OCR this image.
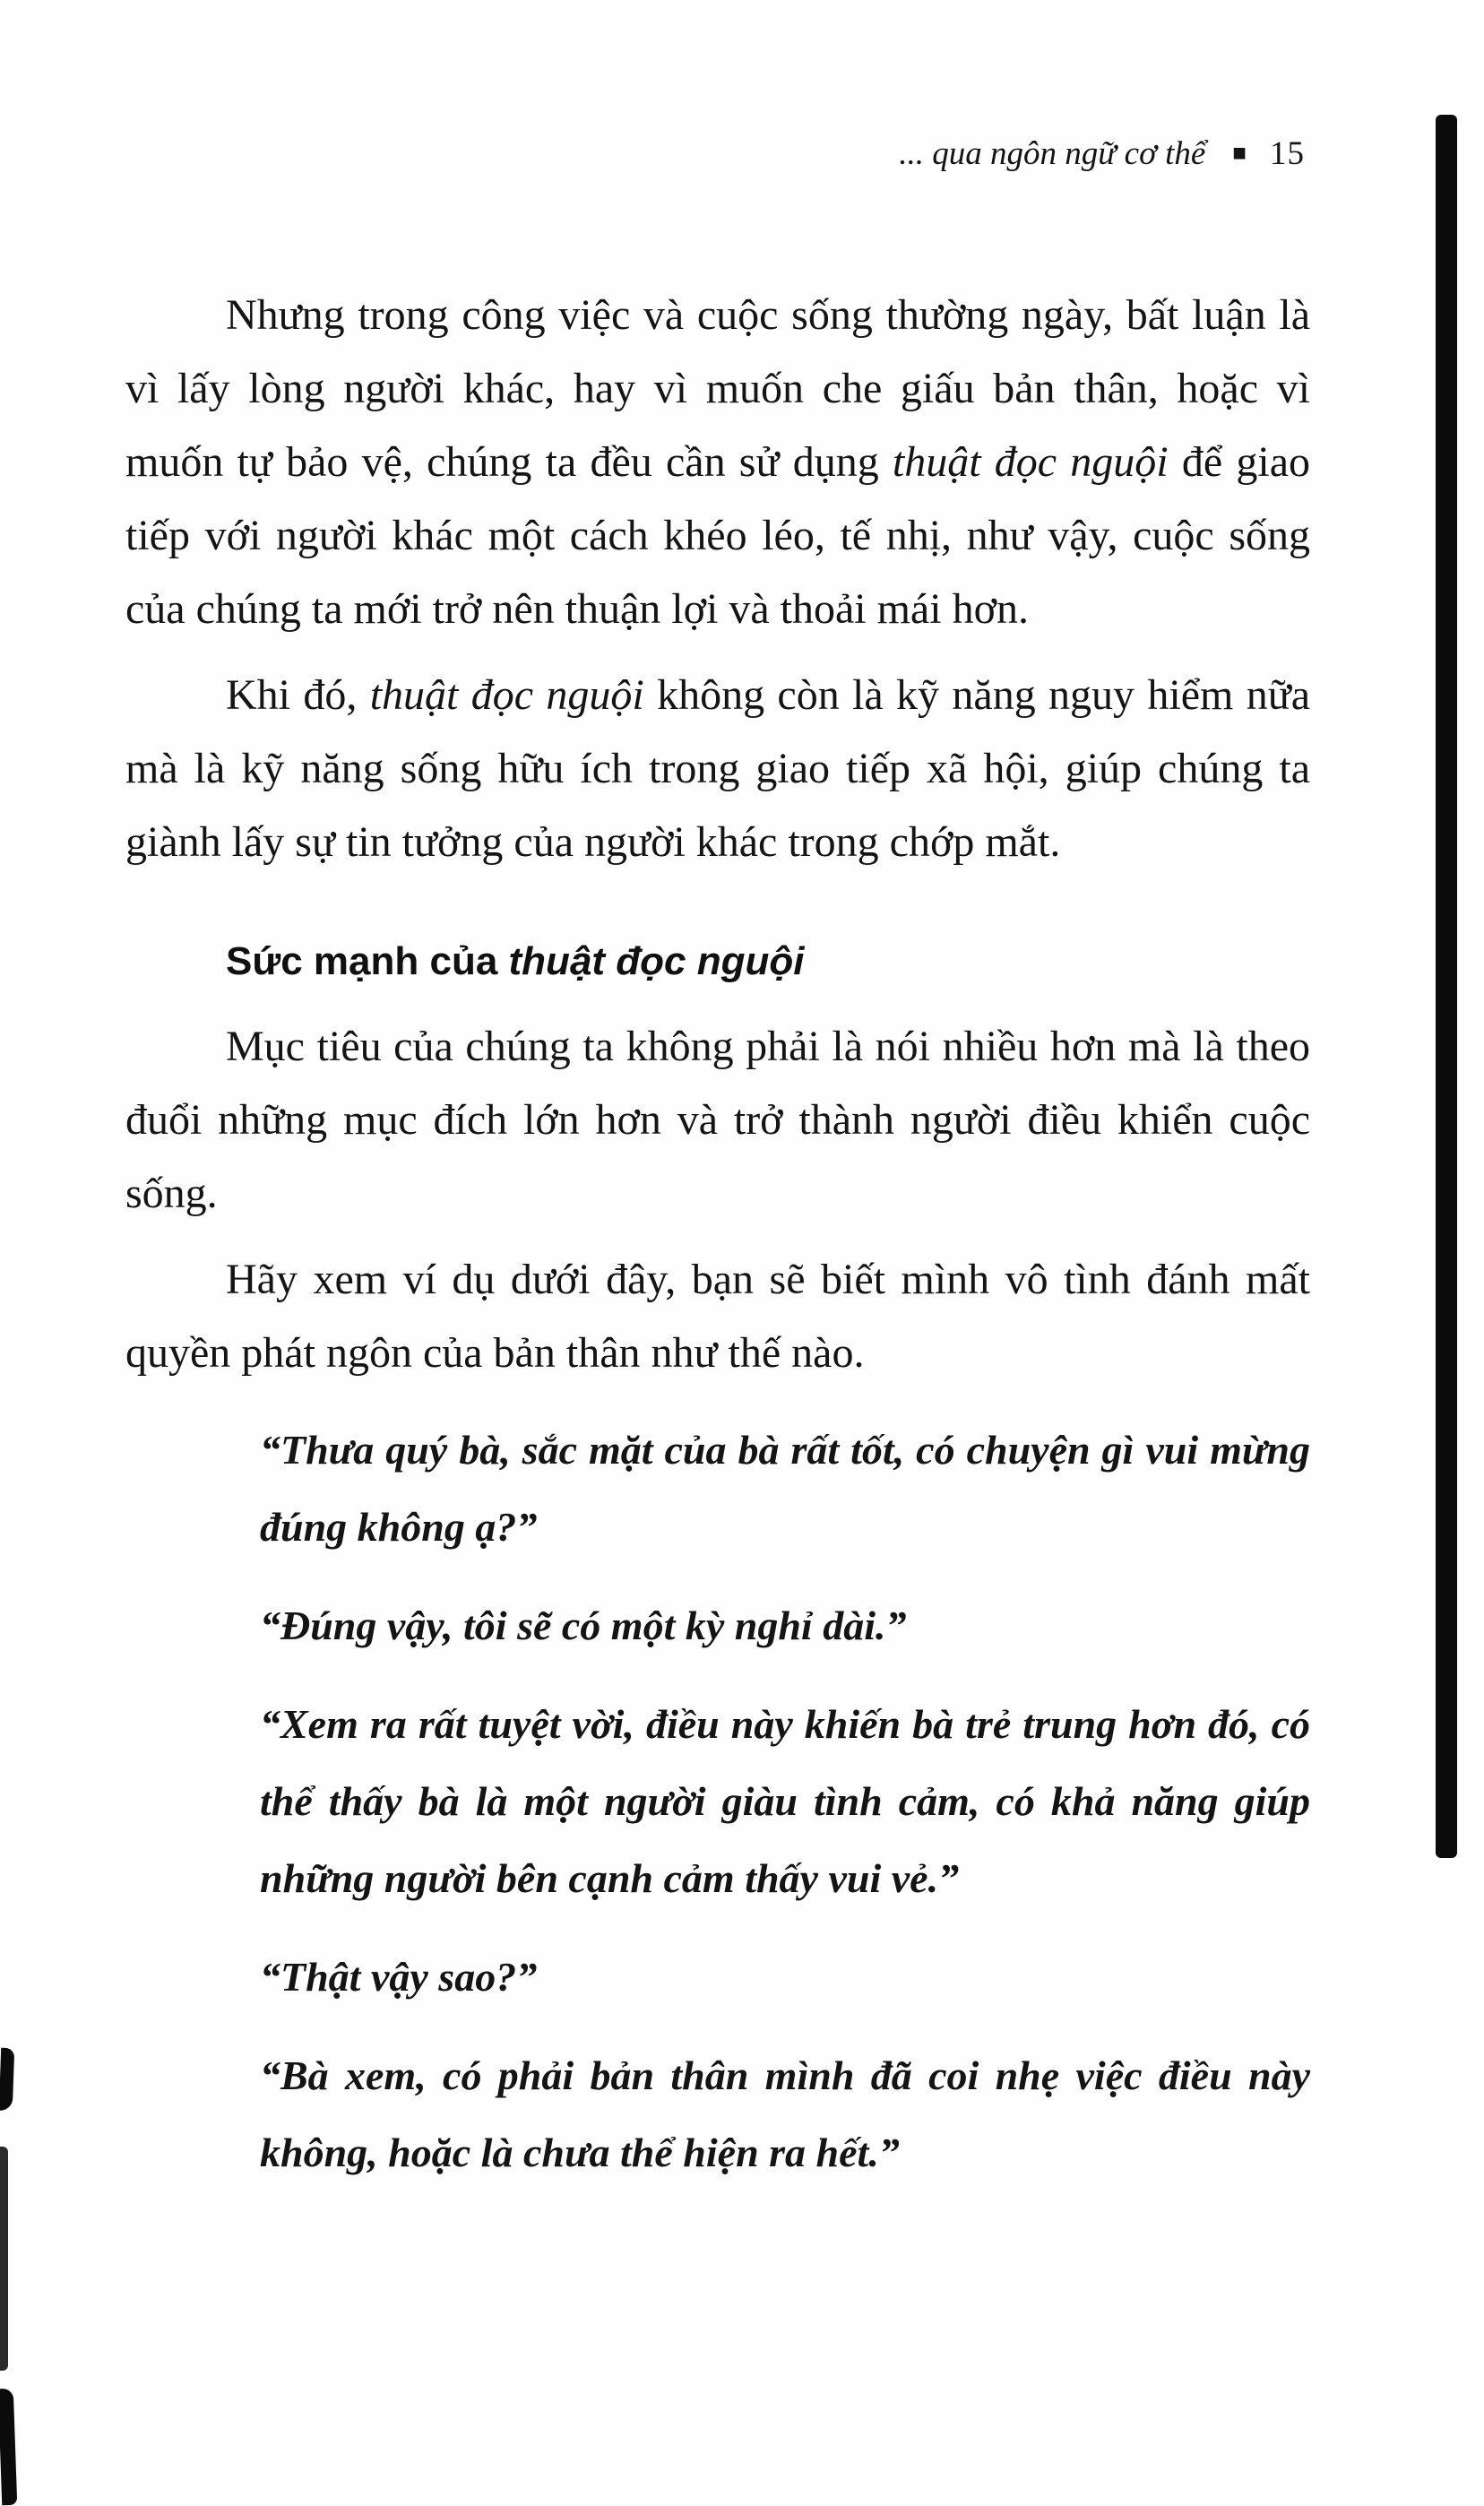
... qua ngôn ngữ cơ thể ■ 15

Nhưng trong công việc và cuộc sống thường ngày, bất luận là vì lấy lòng người khác, hay vì muốn che giấu bản thân, hoặc vì muốn tự bảo vệ, chúng ta đều cần sử dụng thuật đọc nguội để giao tiếp với người khác một cách khéo léo, tế nhị, như vậy, cuộc sống của chúng ta mới trở nên thuận lợi và thoải mái hơn.

Khi đó, thuật đọc nguội không còn là kỹ năng nguy hiểm nữa mà là kỹ năng sống hữu ích trong giao tiếp xã hội, giúp chúng ta giành lấy sự tin tưởng của người khác trong chớp mắt.

Sức mạnh của thuật đọc nguội

Mục tiêu của chúng ta không phải là nói nhiều hơn mà là theo đuổi những mục đích lớn hơn và trở thành người điều khiển cuộc sống.

Hãy xem ví dụ dưới đây, bạn sẽ biết mình vô tình đánh mất quyền phát ngôn của bản thân như thế nào.

“Thưa quý bà, sắc mặt của bà rất tốt, có chuyện gì vui mừng đúng không ạ?”

“Đúng vậy, tôi sẽ có một kỳ nghỉ dài.”

“Xem ra rất tuyệt vời, điều này khiến bà trẻ trung hơn đó, có thể thấy bà là một người giàu tình cảm, có khả năng giúp những người bên cạnh cảm thấy vui vẻ.”

“Thật vậy sao?”

“Bà xem, có phải bản thân mình đã coi nhẹ việc điều này không, hoặc là chưa thể hiện ra hết.”
